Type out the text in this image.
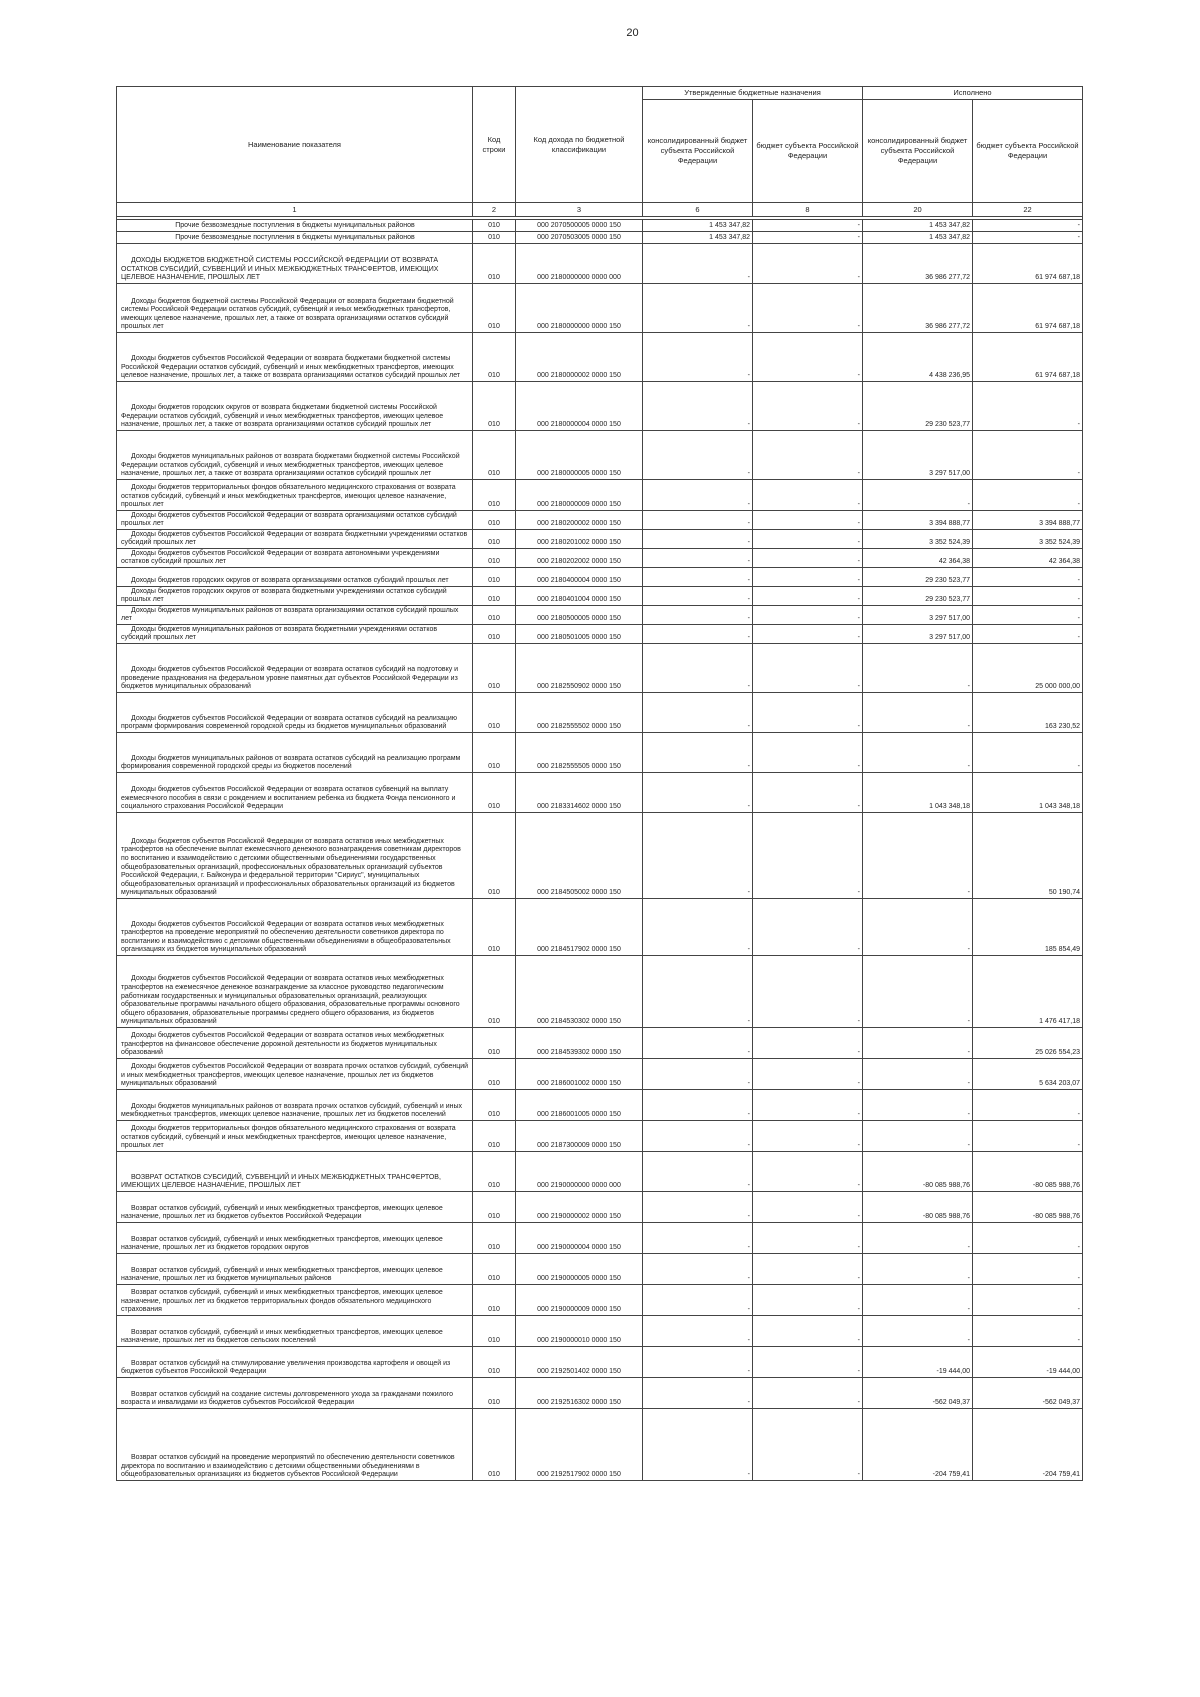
20
Наименование показателя	Код строки	Код дохода по бюджетной классификации	Утвержденные бюджетные назначения		Исполнено	
			консолидированный бюджет субъекта Российской Федерации	бюджет субъекта Российской Федерации	консолидированный бюджет субъекта Российской Федерации	бюджет субъекта Российской Федерации
1	2	3	6	8	20	22

Прочие безвозмездные поступления в бюджеты муниципальных районов	010	000 2070500005 0000 150	1 453 347,82	-	1 453 347,82	-
Прочие безвозмездные поступления в бюджеты муниципальных районов	010	000 2070503005 0000 150	1 453 347,82	-	1 453 347,82	-
ДОХОДЫ БЮДЖЕТОВ БЮДЖЕТНОЙ СИСТЕМЫ РОССИЙСКОЙ ФЕДЕРАЦИИ ОТ ВОЗВРАТА ОСТАТКОВ СУБСИДИЙ, СУБВЕНЦИЙ И ИНЫХ МЕЖБЮДЖЕТНЫХ ТРАНСФЕРТОВ, ИМЕЮЩИХ ЦЕЛЕВОЕ НАЗНАЧЕНИЕ, ПРОШЛЫХ ЛЕТ	010	000 2180000000 0000 000	-	-	36 986 277,72	61 974 687,18
Доходы бюджетов бюджетной системы Российской Федерации от возврата бюджетами бюджетной системы Российской Федерации остатков субсидий, субвенций и иных межбюджетных трансфертов, имеющих целевое назначение, прошлых лет, а также от возврата организациями остатков субсидий прошлых лет	010	000 2180000000 0000 150	-	-	36 986 277,72	61 974 687,18
Доходы бюджетов субъектов Российской Федерации от возврата бюджетами бюджетной системы Российской Федерации остатков субсидий, субвенций и иных межбюджетных трансфертов, имеющих целевое назначение, прошлых лет, а также от возврата организациями остатков субсидий прошлых лет	010	000 2180000002 0000 150	-	-	4 438 236,95	61 974 687,18
Доходы бюджетов городских округов от возврата бюджетами бюджетной системы Российской Федерации остатков субсидий, субвенций и иных межбюджетных трансфертов, имеющих целевое назначение, прошлых лет, а также от возврата организациями остатков субсидий прошлых лет	010	000 2180000004 0000 150	-	-	29 230 523,77	-
Доходы бюджетов муниципальных районов от возврата бюджетами бюджетной системы Российской Федерации остатков субсидий, субвенций и иных межбюджетных трансфертов, имеющих целевое назначение, прошлых лет, а также от возврата организациями остатков субсидий прошлых лет	010	000 2180000005 0000 150	-	-	3 297 517,00	-
Доходы бюджетов территориальных фондов обязательного медицинского страхования от возврата остатков субсидий, субвенций и иных межбюджетных трансфертов, имеющих целевое назначение, прошлых лет	010	000 2180000009 0000 150	-	-	-	-
Доходы бюджетов субъектов Российской Федерации от возврата организациями остатков субсидий прошлых лет	010	000 2180200002 0000 150	-	-	3 394 888,77	3 394 888,77
Доходы бюджетов субъектов Российской Федерации от возврата бюджетными учреждениями остатков субсидий прошлых лет	010	000 2180201002 0000 150	-	-	3 352 524,39	3 352 524,39
Доходы бюджетов субъектов Российской Федерации от возврата автономными учреждениями остатков субсидий прошлых лет	010	000 2180202002 0000 150	-	-	42 364,38	42 364,38
Доходы бюджетов городских округов от возврата организациями остатков субсидий прошлых лет	010	000 2180400004 0000 150	-	-	29 230 523,77	-
Доходы бюджетов городских округов от возврата бюджетными учреждениями остатков субсидий прошлых лет	010	000 2180401004 0000 150	-	-	29 230 523,77	-
Доходы бюджетов муниципальных районов от возврата организациями остатков субсидий прошлых лет	010	000 2180500005 0000 150	-	-	3 297 517,00	-
Доходы бюджетов муниципальных районов от возврата бюджетными учреждениями остатков субсидий прошлых лет	010	000 2180501005 0000 150	-	-	3 297 517,00	-
Доходы бюджетов субъектов Российской Федерации от возврата остатков субсидий на подготовку и проведение празднования на федеральном уровне памятных дат субъектов Российской Федерации из бюджетов муниципальных образований	010	000 2182550902 0000 150	-	-	-	25 000 000,00
Доходы бюджетов субъектов Российской Федерации от возврата остатков субсидий на реализацию программ формирования современной городской среды из бюджетов муниципальных образований	010	000 2182555502 0000 150	-	-	-	163 230,52
Доходы бюджетов муниципальных районов от возврата остатков субсидий на реализацию программ формирования современной городской среды из бюджетов поселений	010	000 2182555505 0000 150	-	-	-	-
Доходы бюджетов субъектов Российской Федерации от возврата остатков субвенций на выплату ежемесячного пособия в связи с рождением и воспитанием ребенка из бюджета Фонда пенсионного и социального страхования Российской Федерации	010	000 2183314602 0000 150	-	-	1 043 348,18	1 043 348,18
Доходы бюджетов субъектов Российской Федерации от возврата остатков иных межбюджетных трансфертов на обеспечение выплат ежемесячного денежного вознаграждения советникам директоров по воспитанию и взаимодействию с детскими общественными объединениями государственных общеобразовательных организаций, профессиональных образовательных организаций субъектов Российской Федерации, г. Байконура и федеральной территории "Сириус", муниципальных общеобразовательных организаций и профессиональных образовательных организаций из бюджетов муниципальных образований	010	000 2184505002 0000 150	-	-	-	50 190,74
Доходы бюджетов субъектов Российской Федерации от возврата остатков иных межбюджетных трансфертов на проведение мероприятий по обеспечению деятельности советников директора по воспитанию и взаимодействию с детскими общественными объединениями в общеобразовательных организациях из бюджетов муниципальных образований	010	000 2184517902 0000 150	-	-	-	185 854,49
Доходы бюджетов субъектов Российской Федерации от возврата остатков иных межбюджетных трансфертов на ежемесячное денежное вознаграждение за классное руководство педагогическим работникам государственных и муниципальных образовательных организаций, реализующих образовательные программы начального общего образования, образовательные программы основного общего образования, образовательные программы среднего общего образования, из бюджетов муниципальных образований	010	000 2184530302 0000 150	-	-	-	1 476 417,18
Доходы бюджетов субъектов Российской Федерации от возврата остатков иных межбюджетных трансфертов на финансовое обеспечение дорожной деятельности из бюджетов муниципальных образований	010	000 2184539302 0000 150	-	-	-	25 026 554,23
Доходы бюджетов субъектов Российской Федерации от возврата прочих остатков субсидий, субвенций и иных межбюджетных трансфертов, имеющих целевое назначение, прошлых лет из бюджетов муниципальных образований	010	000 2186001002 0000 150	-	-	-	5 634 203,07
Доходы бюджетов муниципальных районов от возврата прочих остатков субсидий, субвенций и иных межбюджетных трансфертов, имеющих целевое назначение, прошлых лет из бюджетов поселений	010	000 2186001005 0000 150	-	-	-	-
Доходы бюджетов территориальных фондов обязательного медицинского страхования от возврата остатков субсидий, субвенций и иных межбюджетных трансфертов, имеющих целевое назначение, прошлых лет	010	000 2187300009 0000 150	-	-	-	-
ВОЗВРАТ ОСТАТКОВ СУБСИДИЙ, СУБВЕНЦИЙ И ИНЫХ МЕЖБЮДЖЕТНЫХ ТРАНСФЕРТОВ, ИМЕЮЩИХ ЦЕЛЕВОЕ НАЗНАЧЕНИЕ, ПРОШЛЫХ ЛЕТ	010	000 2190000000 0000 000	-	-	-80 085 988,76	-80 085 988,76
Возврат остатков субсидий, субвенций и иных межбюджетных трансфертов, имеющих целевое назначение, прошлых лет из бюджетов субъектов Российской Федерации	010	000 2190000002 0000 150	-	-	-80 085 988,76	-80 085 988,76
Возврат остатков субсидий, субвенций и иных межбюджетных трансфертов, имеющих целевое назначение, прошлых лет из бюджетов городских округов	010	000 2190000004 0000 150	-	-	-	-
Возврат остатков субсидий, субвенций и иных межбюджетных трансфертов, имеющих целевое назначение, прошлых лет из бюджетов муниципальных районов	010	000 2190000005 0000 150	-	-	-	-
Возврат остатков субсидий, субвенций и иных межбюджетных трансфертов, имеющих целевое назначение, прошлых лет из бюджетов территориальных фондов обязательного медицинского страхования	010	000 2190000009 0000 150	-	-	-	-
Возврат остатков субсидий, субвенций и иных межбюджетных трансфертов, имеющих целевое назначение, прошлых лет из бюджетов сельских поселений	010	000 2190000010 0000 150	-	-	-	-
Возврат остатков субсидий на стимулирование увеличения производства картофеля и овощей из бюджетов субъектов Российской Федерации	010	000 2192501402 0000 150	-	-	-19 444,00	-19 444,00
Возврат остатков субсидий на создание системы долговременного ухода за гражданами пожилого возраста и инвалидами из бюджетов субъектов Российской Федерации	010	000 2192516302 0000 150	-	-	-562 049,37	-562 049,37
Возврат остатков субсидий на проведение мероприятий по обеспечению деятельности советников директора по воспитанию и взаимодействию с детскими общественными объединениями в общеобразовательных организациях из бюджетов субъектов Российской Федерации	010	000 2192517902 0000 150	-	-	-204 759,41	-204 759,41
